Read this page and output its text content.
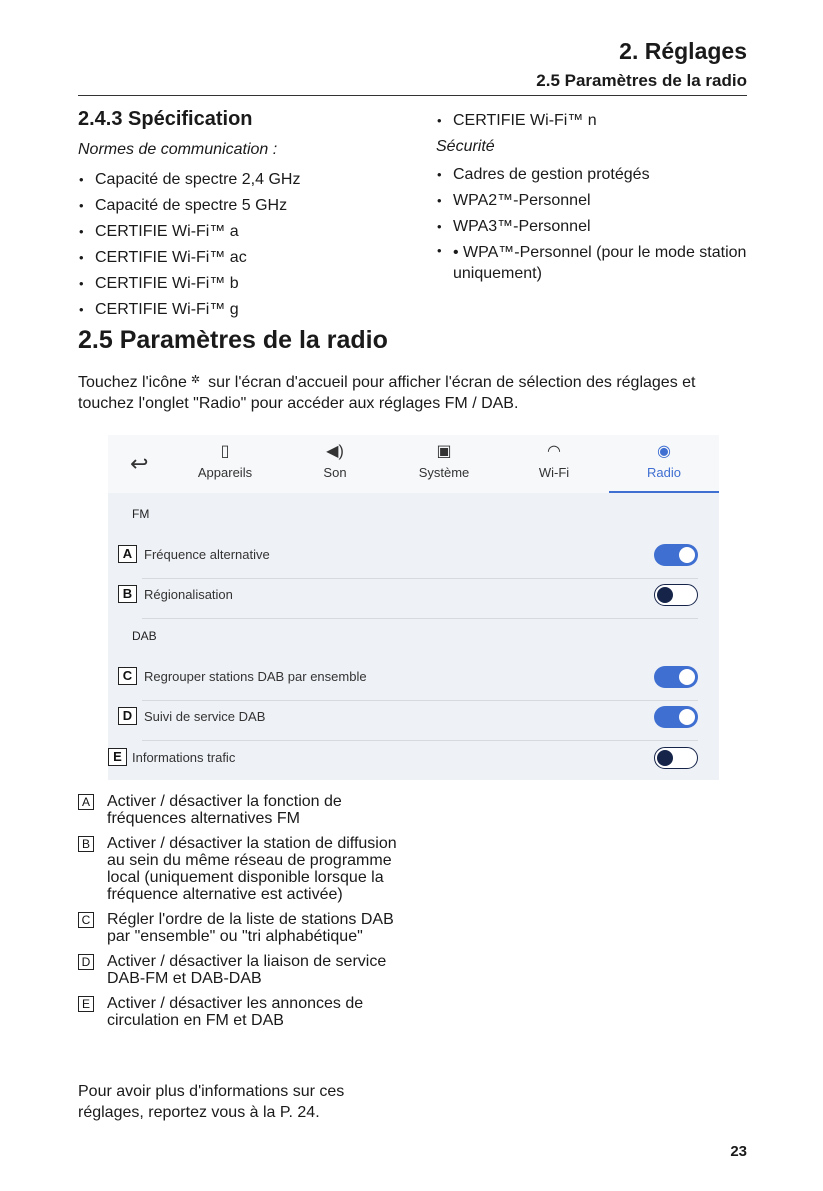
2. Réglages
2.5 Paramètres de la radio
2.4.3 Spécification
Normes de communication :
• Capacité de spectre 2,4 GHz
• Capacité de spectre 5 GHz
• CERTIFIE Wi-Fi™ a
• CERTIFIE Wi-Fi™ ac
• CERTIFIE Wi-Fi™ b
• CERTIFIE Wi-Fi™ g
• CERTIFIE Wi-Fi™ n
Sécurité
• Cadres de gestion protégés
• WPA2™-Personnel
• WPA3™-Personnel
• • WPA™-Personnel (pour le mode station uniquement)
2.5 Paramètres de la radio
Touchez l'icône ✲ sur l'écran d'accueil pour afficher l'écran de sélection des réglages et touchez l'onglet "Radio" pour accéder aux réglages FM / DAB.
↩	▯
Appareils
◀)
Son
▣
Système
◠
Wi-Fi
◉
Radio
FM
A Fréquence alternative
B Régionalisation
DAB
C Regrouper stations DAB par ensemble
D Suivi de service DAB
E Informations trafic
A Activer / désactiver la fonction de fréquences alternatives FM
B Activer / désactiver la station de diffusion au sein du même réseau de programme local (uniquement disponible lorsque la fréquence alternative est activée)
C Régler l'ordre de la liste de stations DAB par "ensemble" ou "tri alphabétique"
D Activer / désactiver la liaison de service DAB-FM et DAB-DAB
E Activer / désactiver les annonces de circulation en FM et DAB
Pour avoir plus d'informations sur ces réglages, reportez vous à la P. 24.
23
